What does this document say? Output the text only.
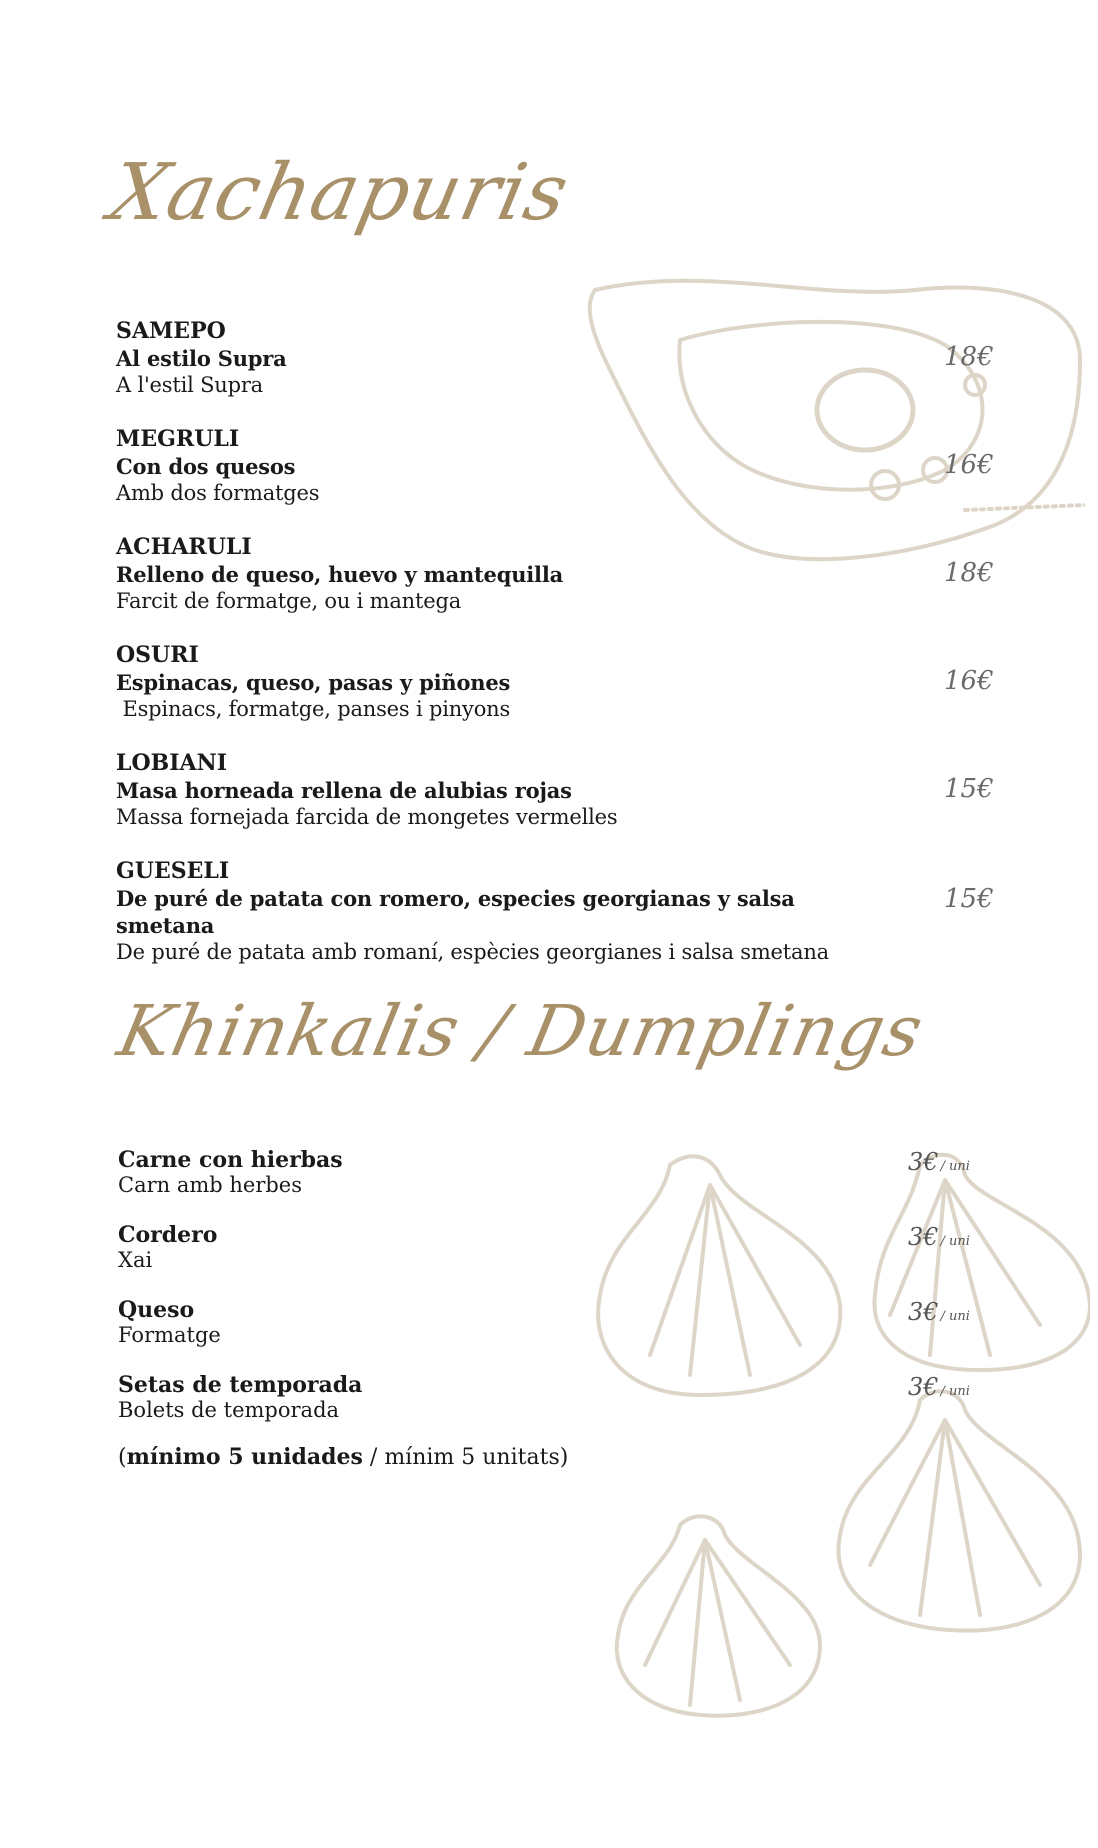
Xachapuris
SAMEPO
Al estilo Supra
A l'estil Supra
18€
MEGRULI
Con dos quesos
Amb dos formatges
16€
ACHARULI
Relleno de queso, huevo y mantequilla
Farcit de formatge, ou i mantega
18€
OSURI
Espinacas, queso, pasas y piñones
Espinacs, formatge, panses i pinyons
16€
LOBIANI
Masa horneada rellena de alubias rojas
Massa fornejada farcida de mongetes vermelles
15€
GUESELI
De puré de patata con romero, especies georgianas y salsa smetana
De puré de patata amb romaní, espècies georgianes i salsa smetana
15€
Khinkalis / Dumplings
Carne con hierbas
Carn amb herbes
3€ / uni
Cordero
Xai
3€ / uni
Queso
Formatge
3€ / uni
Setas de temporada
Bolets de temporada
3€ / uni
(mínimo 5 unidades / mínim 5 unitats)
